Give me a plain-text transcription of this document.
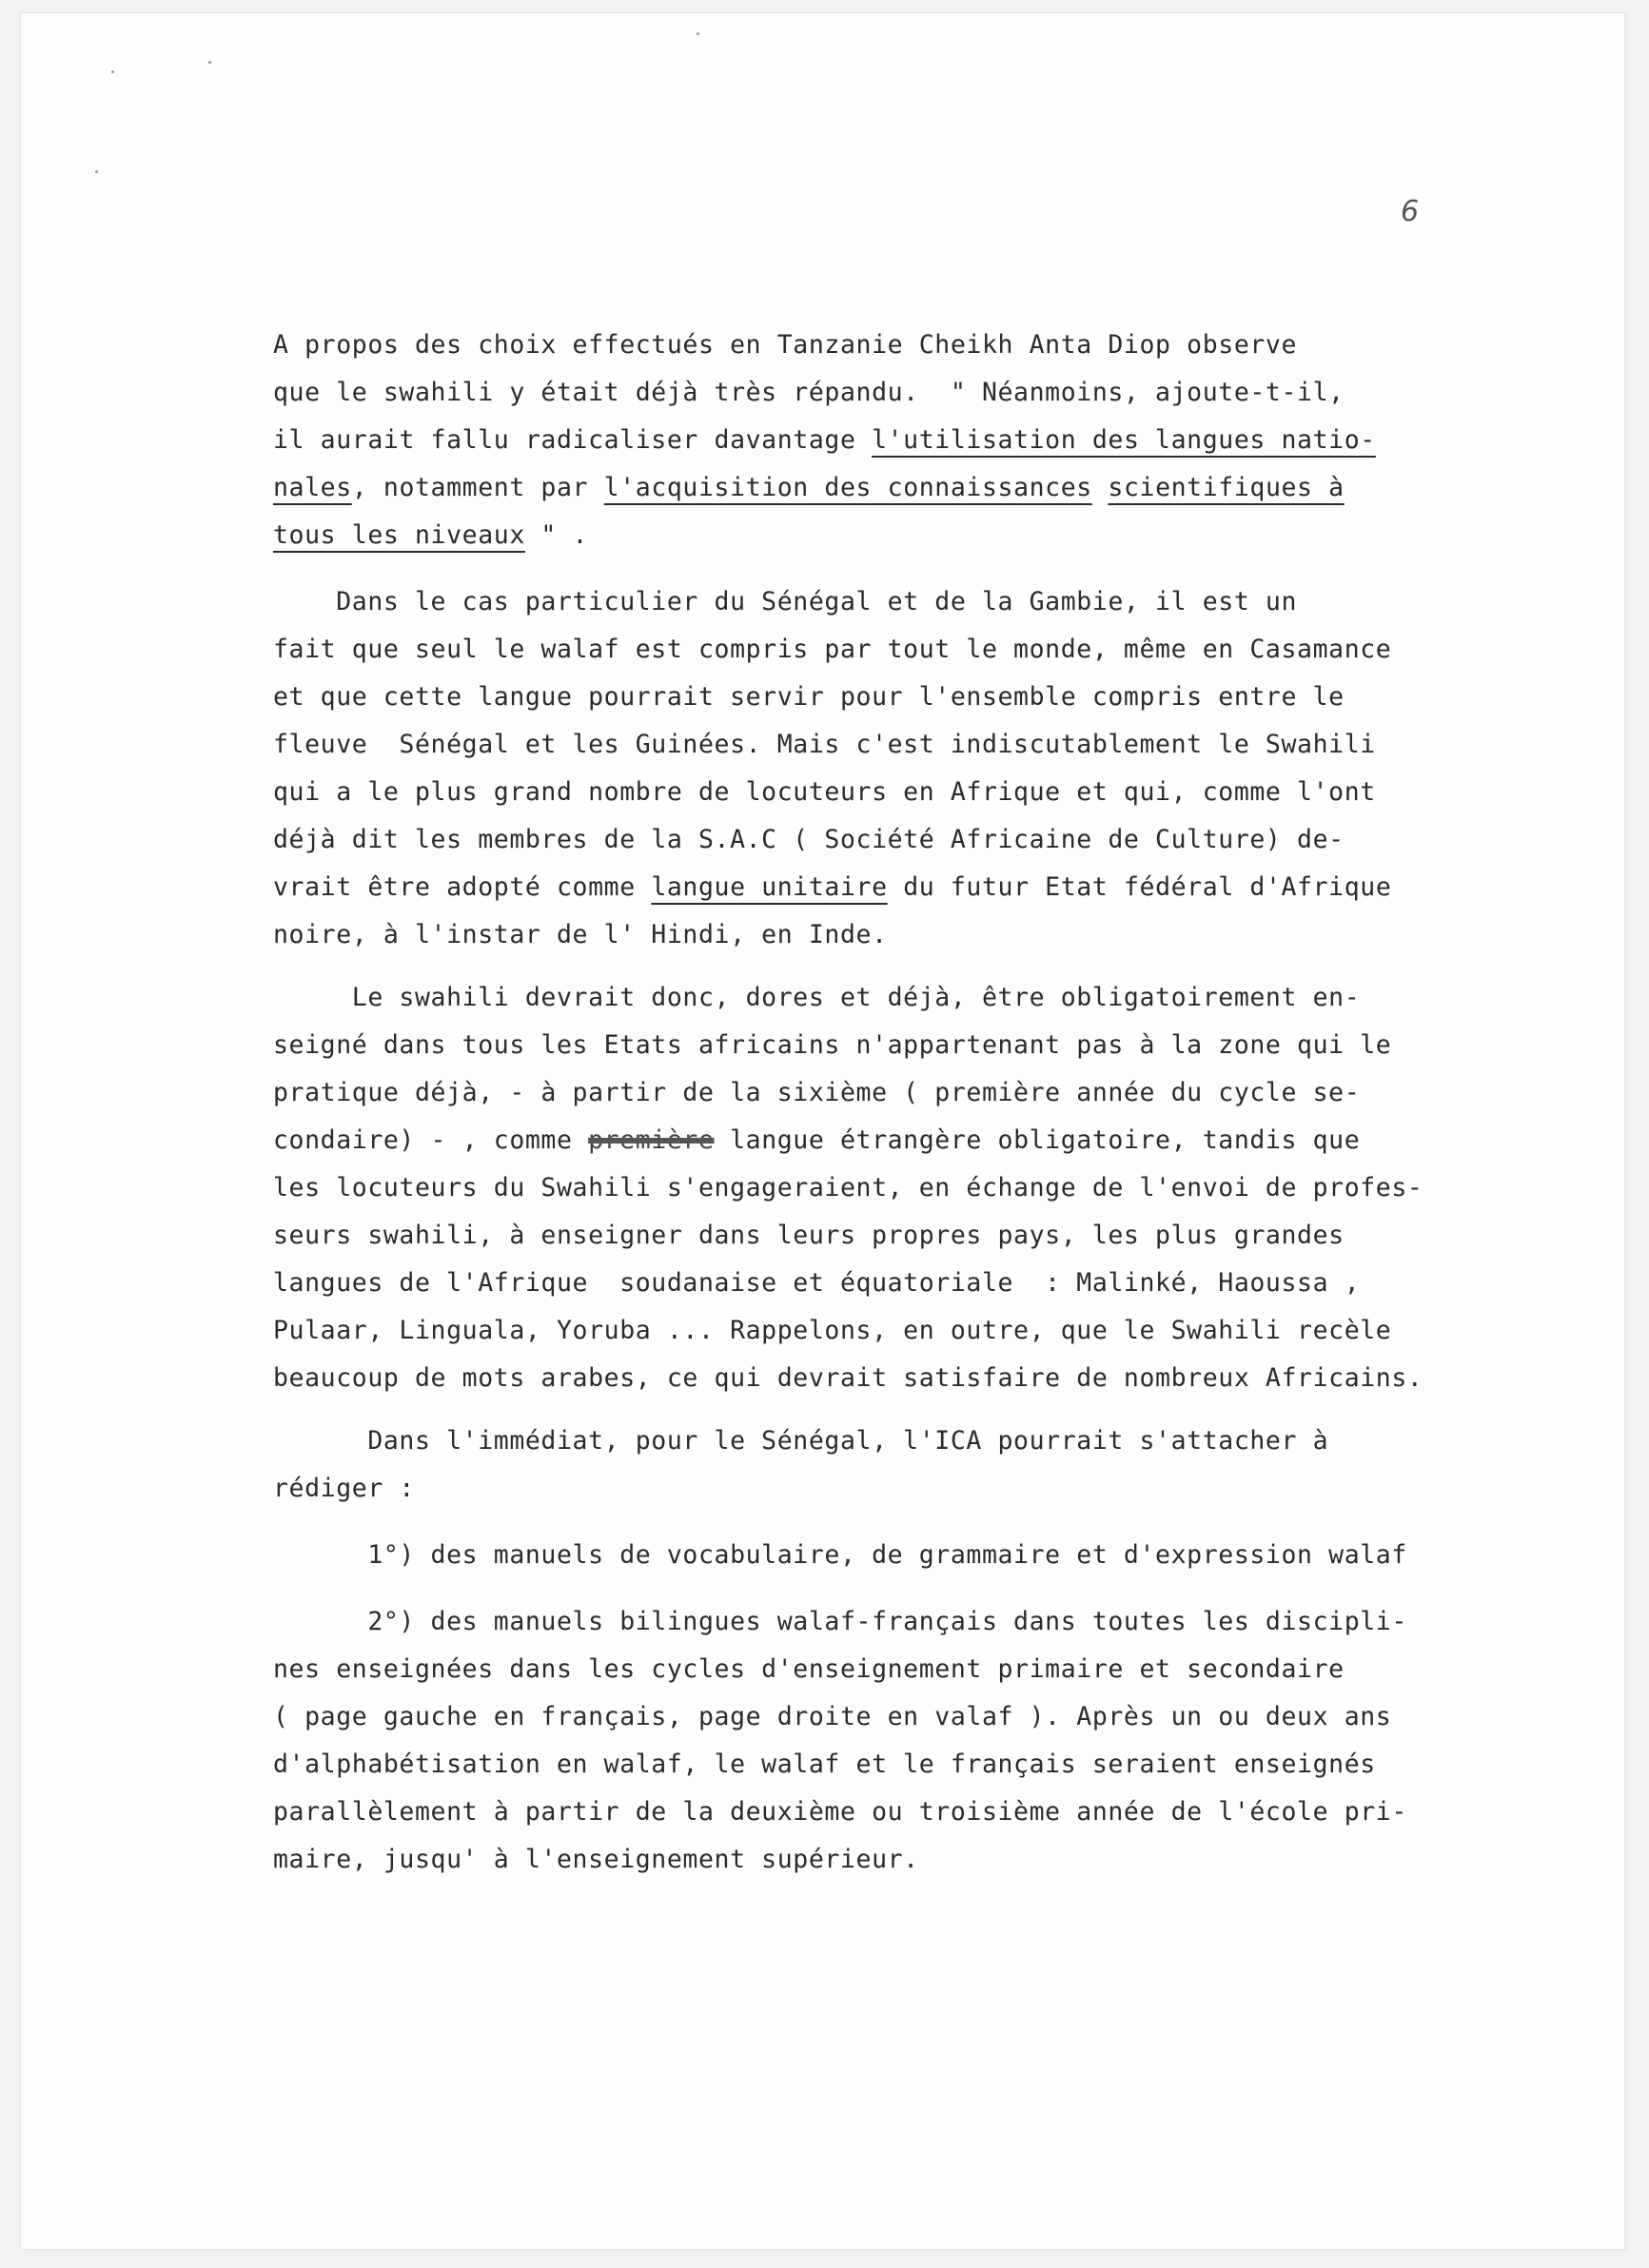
6
A propos des choix effectués en Tanzanie Cheikh Anta Diop observe
que le swahili y était déjà très répandu.  " Néanmoins, ajoute-t-il,
il aurait fallu radicaliser davantage l'utilisation des langues natio-
nales, notamment par l'acquisition des connaissances scientifiques à
tous les niveaux " .
Dans le cas particulier du Sénégal et de la Gambie, il est un
fait que seul le walaf est compris par tout le monde, même en Casamance
et que cette langue pourrait servir pour l'ensemble compris entre le
fleuve  Sénégal et les Guinées. Mais c'est indiscutablement le Swahili
qui a le plus grand nombre de locuteurs en Afrique et qui, comme l'ont
déjà dit les membres de la S.A.C ( Société Africaine de Culture) de-
vrait être adopté comme langue unitaire du futur Etat fédéral d'Afrique
noire, à l'instar de l' Hindi, en Inde.
Le swahili devrait donc, dores et déjà, être obligatoirement en-
seigné dans tous les Etats africains n'appartenant pas à la zone qui le
pratique déjà, - à partir de la sixième ( première année du cycle se-
condaire) - , comme première langue étrangère obligatoire, tandis que
les locuteurs du Swahili s'engageraient, en échange de l'envoi de profes-
seurs swahili, à enseigner dans leurs propres pays, les plus grandes
langues de l'Afrique  soudanaise et équatoriale  : Malinké, Haoussa ,
Pulaar, Linguala, Yoruba ... Rappelons, en outre, que le Swahili recèle
beaucoup de mots arabes, ce qui devrait satisfaire de nombreux Africains.
Dans l'immédiat, pour le Sénégal, l'ICA pourrait s'attacher à
rédiger :
1°) des manuels de vocabulaire, de grammaire et d'expression walaf
2°) des manuels bilingues walaf-français dans toutes les discipli-
nes enseignées dans les cycles d'enseignement primaire et secondaire
( page gauche en français, page droite en valaf ). Après un ou deux ans
d'alphabétisation en walaf, le walaf et le français seraient enseignés
parallèlement à partir de la deuxième ou troisième année de l'école pri-
maire, jusqu' à l'enseignement supérieur.
